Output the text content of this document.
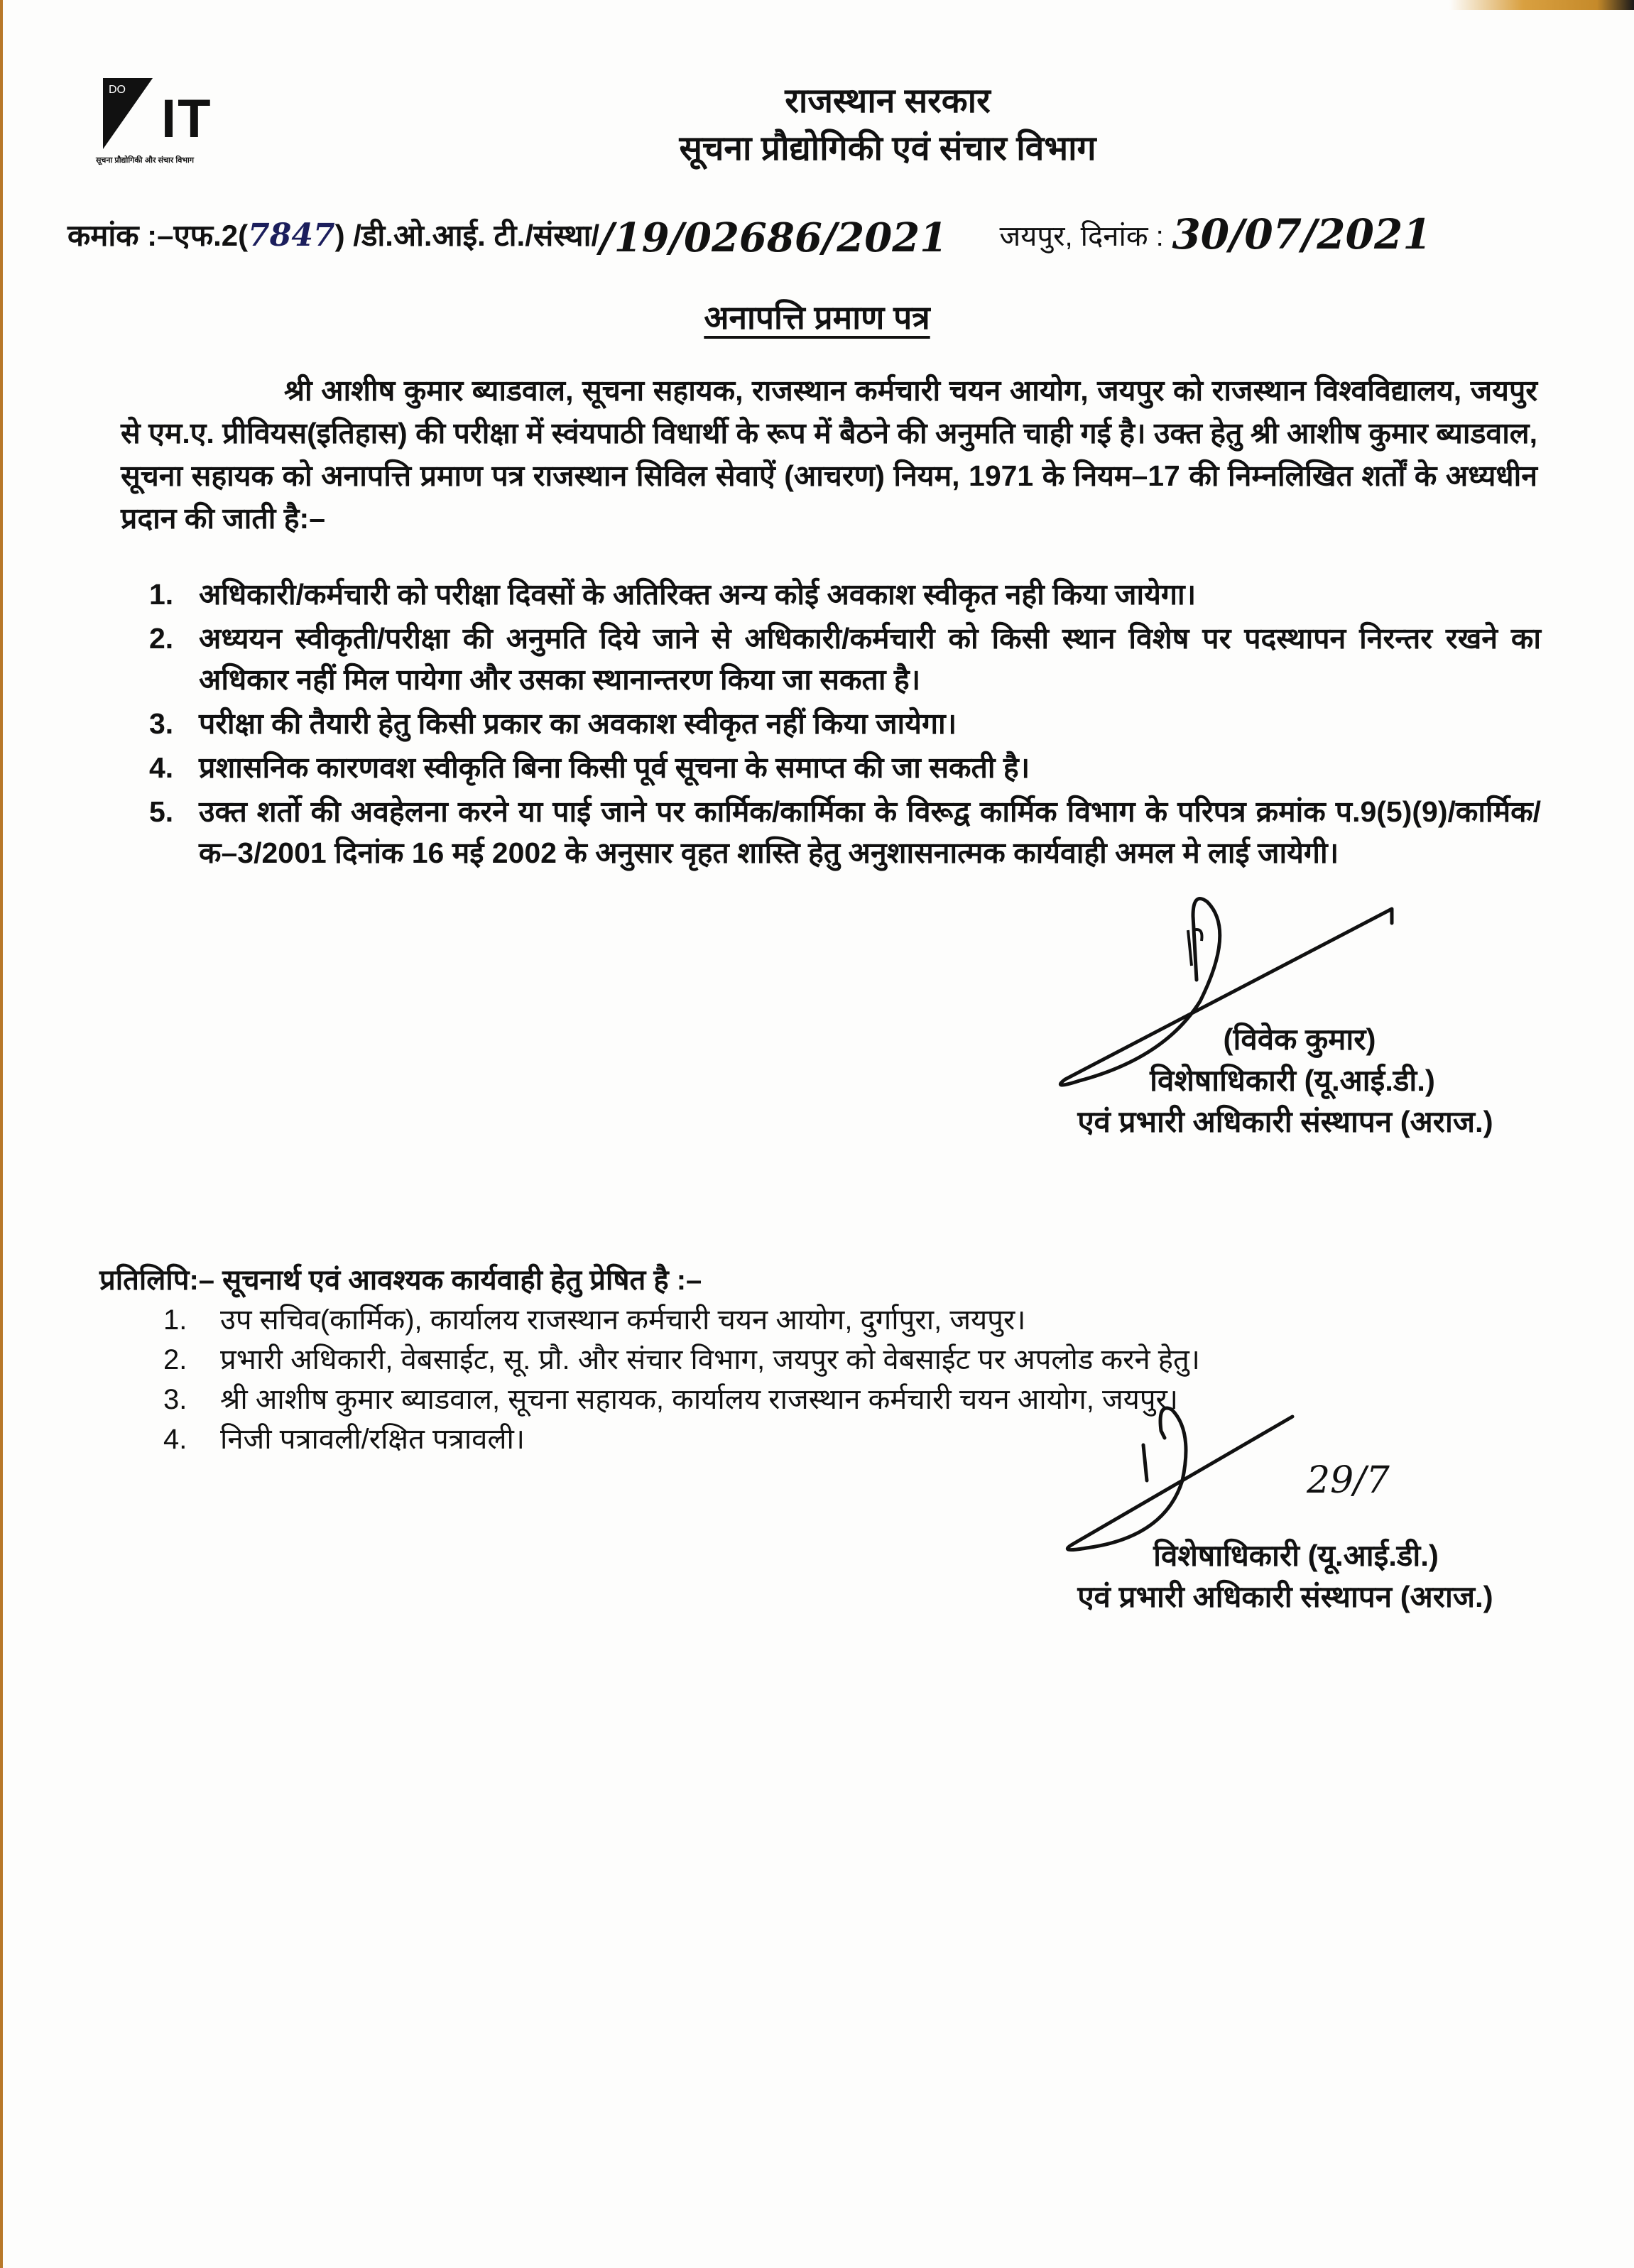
DO IT
सूचना प्रौद्योगिकी और संचार विभाग
राजस्थान सरकार
सूचना प्रौद्योगिकी एवं संचार विभाग
कमांक :–एफ.2(7847) /डी.ओ.आई. टी./संस्था//19/02686/2021 जयपुर, दिनांक : 30/07/2021
अनापत्ति प्रमाण पत्र
श्री आशीष कुमार ब्याडवाल, सूचना सहायक, राजस्थान कर्मचारी चयन आयोग, जयपुर को राजस्थान विश्वविद्यालय, जयपुर से एम.ए. प्रीवियस(इतिहास) की परीक्षा में स्वंयपाठी विधार्थी के रूप में बैठने की अनुमति चाही गई है। उक्त हेतु श्री आशीष कुमार ब्याडवाल, सूचना सहायक को अनापत्ति प्रमाण पत्र राजस्थान सिविल सेवाऐं (आचरण) नियम, 1971 के नियम–17 की निम्नलिखित शर्तों के अध्यधीन प्रदान की जाती है:–
1. अधिकारी/कर्मचारी को परीक्षा दिवसों के अतिरिक्त अन्य कोई अवकाश स्वीकृत नही किया जायेगा।
2. अध्ययन स्वीकृती/परीक्षा की अनुमति दिये जाने से अधिकारी/कर्मचारी को किसी स्थान विशेष पर पदस्थापन निरन्तर रखने का अधिकार नहीं मिल पायेगा और उसका स्थानान्तरण किया जा सकता है।
3. परीक्षा की तैयारी हेतु किसी प्रकार का अवकाश स्वीकृत नहीं किया जायेगा।
4. प्रशासनिक कारणवश स्वीकृति बिना किसी पूर्व सूचना के समाप्त की जा सकती है।
5. उक्त शर्तो की अवहेलना करने या पाई जाने पर कार्मिक/कार्मिका के विरूद्व कार्मिक विभाग के परिपत्र क्रमांक प.9(5)(9)/कार्मिक/क–3/2001 दिनांक 16 मई 2002 के अनुसार वृहत शास्ति हेतु अनुशासनात्मक कार्यवाही अमल मे लाई जायेगी।
(विवेक कुमार)
विशेषाधिकारी (यू.आई.डी.)
एवं प्रभारी अधिकारी संस्थापन (अराज.)
प्रतिलिपि:– सूचनार्थ एवं आवश्यक कार्यवाही हेतु प्रेषित है :–
1.	उप सचिव(कार्मिक), कार्यालय राजस्थान कर्मचारी चयन आयोग, दुर्गापुरा, जयपुर।
2.	प्रभारी अधिकारी, वेबसाईट, सू. प्रौ. और संचार विभाग, जयपुर को वेबसाईट पर अपलोड करने हेतु।
3.	श्री आशीष कुमार ब्याडवाल, सूचना सहायक, कार्यालय राजस्थान कर्मचारी चयन आयोग, जयपुर।
4.	निजी पत्रावली/रक्षित पत्रावली।
29/7
विशेषाधिकारी (यू.आई.डी.)
एवं प्रभारी अधिकारी संस्थापन (अराज.)
